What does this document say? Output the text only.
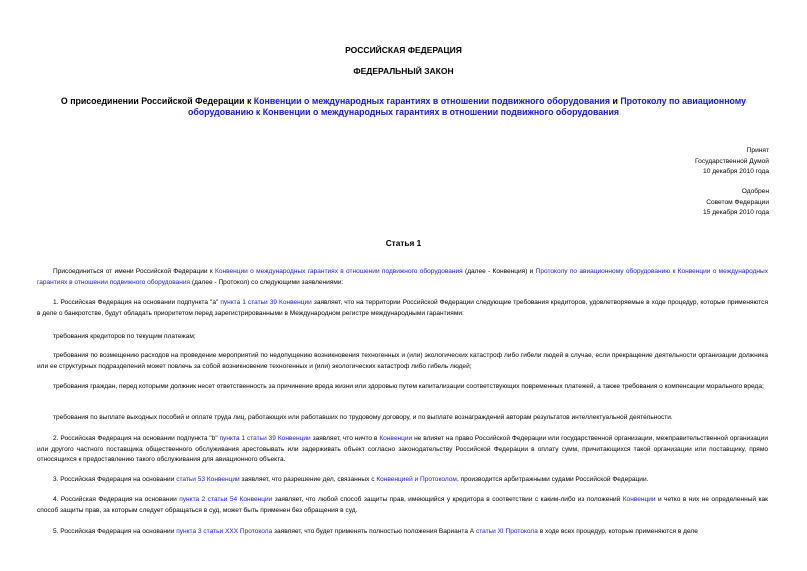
РОССИЙСКАЯ ФЕДЕРАЦИЯ
ФЕДЕРАЛЬНЫЙ ЗАКОН
О присоединении Российской Федерации к Конвенции о международных гарантиях в отношении подвижного оборудования и Протоколу по авиационному оборудованию к Конвенции о международных гарантиях в отношении подвижного оборудования
Принят
Государственной Думой
10 декабря 2010 года
Одобрен
Советом Федерации
15 декабря 2010 года
Статья 1
Присоединиться от имени Российской Федерации к Конвенции о международных гарантиях в отношении подвижного оборудования (далее - Конвенция) и Протоколу по авиационному оборудованию к Конвенции о международных гарантиях в отношении подвижного оборудования (далее - Протокол) со следующими заявлениями:
1. Российская Федерация на основании подпункта "a" пункта 1 статьи 39 Конвенции заявляет, что на территории Российской Федерации следующие требования кредиторов, удовлетворяемые в ходе процедур, которые применяются в деле о банкротстве, будут обладать приоритетом перед зарегистрированными в Международном регистре международными гарантиями:
требования кредиторов по текущим платежам;
требования по возмещению расходов на проведение мероприятий по недопущению возникновения техногенных и (или) экологических катастроф либо гибели людей в случае, если прекращение деятельности организации должника или ее структурных подразделений может повлечь за собой возникновение техногенных и (или) экологических катастроф либо гибель людей;
требования граждан, перед которыми должник несет ответственность за причинение вреда жизни или здоровью путем капитализации соответствующих повременных платежей, а также требования о компенсации морального вреда;
требования по выплате выходных пособий и оплате труда лиц, работающих или работавших по трудовому договору, и по выплате вознаграждений авторам результатов интеллектуальной деятельности.
2. Российская Федерация на основании подпункта "b" пункта 1 статьи 39 Конвенции заявляет, что ничто в Конвенции не влияет на право Российской Федерации или государственной организации, межправительственной организации или другого частного поставщика общественного обслуживания арестовывать или задерживать объект согласно законодательству Российской Федерации в оплату сумм, причитающихся такой организации или поставщику, прямо относящихся к предоставлению такого обслуживания для авиационного объекта.
3. Российская Федерация на основании статьи 53 Конвенции заявляет, что разрешение дел, связанных с Конвенцией и Протоколом, производится арбитражными судами Российской Федерации.
4. Российская Федерация на основании пункта 2 статьи 54 Конвенции заявляет, что любой способ защиты прав, имеющийся у кредитора в соответствии с каким-либо из положений Конвенции и четко в них не определенный как способ защиты прав, за которым следует обращаться в суд, может быть применен без обращения в суд.
5. Российская Федерация на основании пункта 3 статьи XXX Протокола заявляет, что будет применять полностью положения Варианта А статьи XI Протокола в ходе всех процедур, которые применяются в деле
